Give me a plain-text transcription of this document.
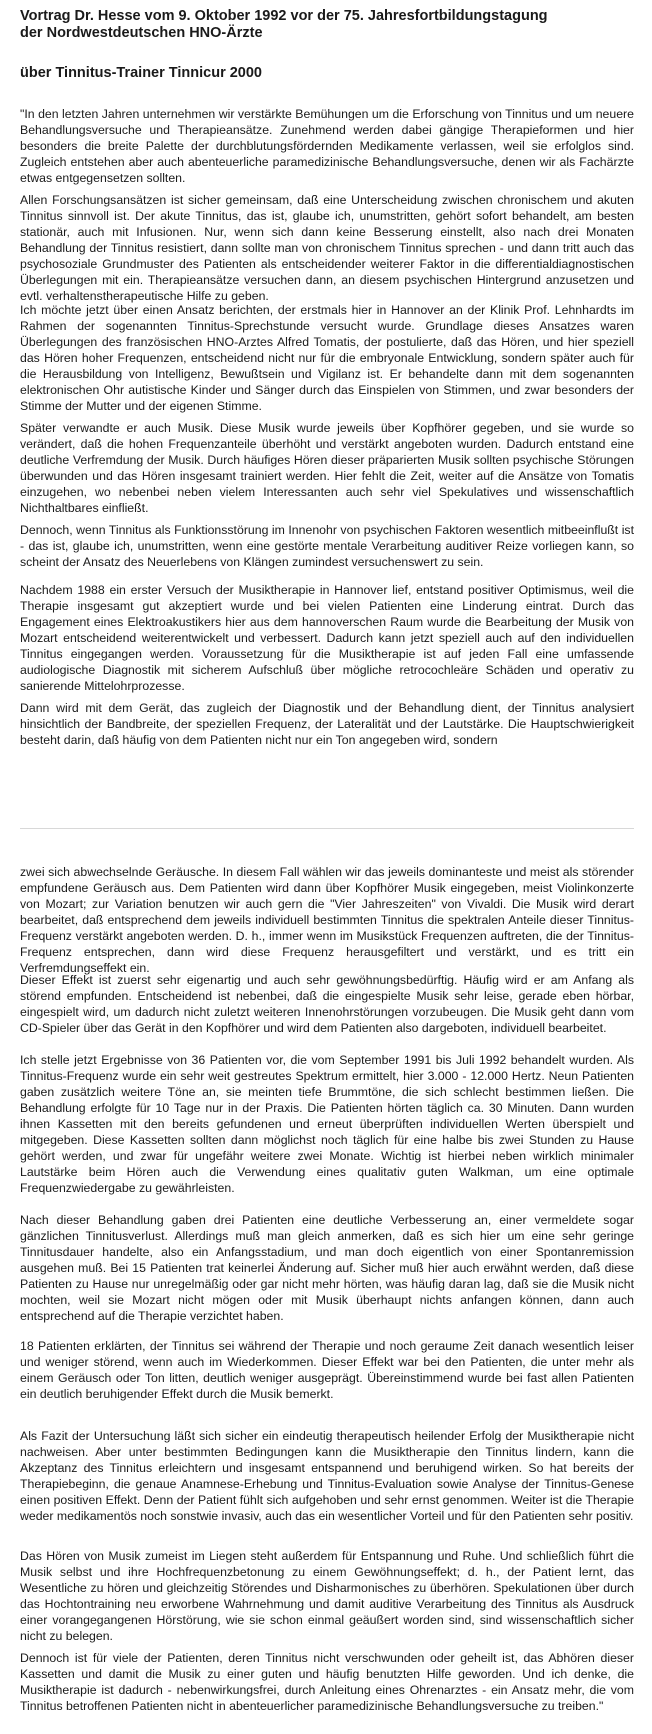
Vortrag Dr. Hesse vom 9. Oktober 1992 vor der 75. Jahresfortbildungstagung
der Nordwestdeutschen HNO-Ärzte
über Tinnitus-Trainer Tinnicur 2000

"In den letzten Jahren unternehmen wir verstärkte Bemühungen um die Erforschung von Tinnitus und um neuere Behandlungsversuche und Therapieansätze. Zunehmend werden dabei gängige Therapieformen und hier besonders die breite Palette der durchblutungsfördernden Medikamente verlassen, weil sie erfolglos sind. Zugleich entstehen aber auch abenteuerliche paramedizinische Behandlungsversuche, denen wir als Fachärzte etwas entgegensetzen sollten.

Allen Forschungsansätzen ist sicher gemeinsam, daß eine Unterscheidung zwischen chronischem und akuten Tinnitus sinnvoll ist. Der akute Tinnitus, das ist, glaube ich, unumstritten, gehört sofort behandelt, am besten stationär, auch mit Infusionen. Nur, wenn sich dann keine Besserung einstellt, also nach drei Monaten Behandlung der Tinnitus resistiert, dann sollte man von chronischem Tinnitus sprechen - und dann tritt auch das psychosoziale Grundmuster des Patienten als entscheidender weiterer Faktor in die differentialdiagnostischen Überlegungen mit ein. Therapieansätze versuchen dann, an diesem psychischen Hintergrund anzusetzen und evtl. verhaltenstherapeutische Hilfe zu geben.

Ich möchte jetzt über einen Ansatz berichten, der erstmals hier in Hannover an der Klinik Prof. Lehnhardts im Rahmen der sogenannten Tinnitus-Sprechstunde versucht wurde. Grundlage dieses Ansatzes waren Überlegungen des französischen HNO-Arztes Alfred Tomatis, der postulierte, daß das Hören, und hier speziell das Hören hoher Frequenzen, entscheidend nicht nur für die embryonale Entwicklung, sondern später auch für die Herausbildung von Intelligenz, Bewußtsein und Vigilanz ist. Er behandelte dann mit dem sogenannten elektronischen Ohr autistische Kinder und Sänger durch das Einspielen von Stimmen, und zwar besonders der Stimme der Mutter und der eigenen Stimme.

Später verwandte er auch Musik. Diese Musik wurde jeweils über Kopfhörer gegeben, und sie wurde so verändert, daß die hohen Frequenzanteile überhöht und verstärkt angeboten wurden. Dadurch entstand eine deutliche Verfremdung der Musik. Durch häufiges Hören dieser präparierten Musik sollten psychische Störungen überwunden und das Hören insgesamt trainiert werden. Hier fehlt die Zeit, weiter auf die Ansätze von Tomatis einzugehen, wo nebenbei neben vielem Interessanten auch sehr viel Spekulatives und wissenschaftlich Nichthaltbares einfließt.

Dennoch, wenn Tinnitus als Funktionsstörung im Innenohr von psychischen Faktoren wesentlich mitbeeinflußt ist - das ist, glaube ich, unumstritten, wenn eine gestörte mentale Verarbeitung auditiver Reize vorliegen kann, so scheint der Ansatz des Neuerlebens von Klängen zumindest versuchenswert zu sein.

Nachdem 1988 ein erster Versuch der Musiktherapie in Hannover lief, entstand positiver Optimismus, weil die Therapie insgesamt gut akzeptiert wurde und bei vielen Patienten eine Linderung eintrat. Durch das Engagement eines Elektroakustikers hier aus dem hannoverschen Raum wurde die Bearbeitung der Musik von Mozart entscheidend weiterentwickelt und verbessert. Dadurch kann jetzt speziell auch auf den individuellen Tinnitus eingegangen werden. Voraussetzung für die Musiktherapie ist auf jeden Fall eine umfassende audiologische Diagnostik mit sicherem Aufschluß über mögliche retrocochleäre Schäden und operativ zu sanierende Mittelohrprozesse.

Dann wird mit dem Gerät, das zugleich der Diagnostik und der Behandlung dient, der Tinnitus analysiert hinsichtlich der Bandbreite, der speziellen Frequenz, der Lateralität und der Lautstärke. Die Hauptschwierigkeit besteht darin, daß häufig von dem Patienten nicht nur ein Ton angegeben wird, sondern

zwei sich abwechselnde Geräusche. In diesem Fall wählen wir das jeweils dominanteste und meist als störender empfundene Geräusch aus. Dem Patienten wird dann über Kopfhörer Musik eingegeben, meist Violinkonzerte von Mozart; zur Variation benutzen wir auch gern die "Vier Jahreszeiten" von Vivaldi. Die Musik wird derart bearbeitet, daß entsprechend dem jeweils individuell bestimmten Tinnitus die spektralen Anteile dieser Tinnitus-Frequenz verstärkt angeboten werden. D. h., immer wenn im Musikstück Frequenzen auftreten, die der Tinnitus-Frequenz entsprechen, dann wird diese Frequenz herausgefiltert und verstärkt, und es tritt ein Verfremdungseffekt ein.

Dieser Effekt ist zuerst sehr eigenartig und auch sehr gewöhnungsbedürftig. Häufig wird er am Anfang als störend empfunden. Entscheidend ist nebenbei, daß die eingespielte Musik sehr leise, gerade eben hörbar, eingespielt wird, um dadurch nicht zuletzt weiteren Innenohrstörungen vorzubeugen. Die Musik geht dann vom CD-Spieler über das Gerät in den Kopfhörer und wird dem Patienten also dargeboten, individuell bearbeitet.

Ich stelle jetzt Ergebnisse von 36 Patienten vor, die vom September 1991 bis Juli 1992 behandelt wurden. Als Tinnitus-Frequenz wurde ein sehr weit gestreutes Spektrum ermittelt, hier 3.000 - 12.000 Hertz. Neun Patienten gaben zusätzlich weitere Töne an, sie meinten tiefe Brummtöne, die sich schlecht bestimmen ließen. Die Behandlung erfolgte für 10 Tage nur in der Praxis. Die Patienten hörten täglich ca. 30 Minuten. Dann wurden ihnen Kassetten mit den bereits gefundenen und erneut überprüften individuellen Werten überspielt und mitgegeben. Diese Kassetten sollten dann möglichst noch täglich für eine halbe bis zwei Stunden zu Hause gehört werden, und zwar für ungefähr weitere zwei Monate. Wichtig ist hierbei neben wirklich minimaler Lautstärke beim Hören auch die Verwendung eines qualitativ guten Walkman, um eine optimale Frequenzwiedergabe zu gewährleisten.

Nach dieser Behandlung gaben drei Patienten eine deutliche Verbesserung an, einer vermeldete sogar gänzlichen Tinnitusverlust. Allerdings muß man gleich anmerken, daß es sich hier um eine sehr geringe Tinnitusdauer handelte, also ein Anfangsstadium, und man doch eigentlich von einer Spontanremission ausgehen muß. Bei 15 Patienten trat keinerlei Änderung auf. Sicher muß hier auch erwähnt werden, daß diese Patienten zu Hause nur unregelmäßig oder gar nicht mehr hörten, was häufig daran lag, daß sie die Musik nicht mochten, weil sie Mozart nicht mögen oder mit Musik überhaupt nichts anfangen können, dann auch entsprechend auf die Therapie verzichtet haben.

18 Patienten erklärten, der Tinnitus sei während der Therapie und noch geraume Zeit danach wesentlich leiser und weniger störend, wenn auch im Wiederkommen. Dieser Effekt war bei den Patienten, die unter mehr als einem Geräusch oder Ton litten, deutlich weniger ausgeprägt. Übereinstimmend wurde bei fast allen Patienten ein deutlich beruhigender Effekt durch die Musik bemerkt.

Als Fazit der Untersuchung läßt sich sicher ein eindeutig therapeutisch heilender Erfolg der Musiktherapie nicht nachweisen. Aber unter bestimmten Bedingungen kann die Musiktherapie den Tinnitus lindern, kann die Akzeptanz des Tinnitus erleichtern und insgesamt entspannend und beruhigend wirken. So hat bereits der Therapiebeginn, die genaue Anamnese-Erhebung und Tinnitus-Evaluation sowie Analyse der Tinnitus-Genese einen positiven Effekt. Denn der Patient fühlt sich aufgehoben und sehr ernst genommen. Weiter ist die Therapie weder medikamentös noch sonstwie invasiv, auch das ein wesentlicher Vorteil und für den Patienten sehr positiv.

Das Hören von Musik zumeist im Liegen steht außerdem für Entspannung und Ruhe. Und schließlich führt die Musik selbst und ihre Hochfrequenzbetonung zu einem Gewöhnungseffekt; d. h., der Patient lernt, das Wesentliche zu hören und gleichzeitig Störendes und Disharmonisches zu überhören. Spekulationen über durch das Hochtontraining neu erworbene Wahrnehmung und damit auditive Verarbeitung des Tinnitus als Ausdruck einer vorangegangenen Hörstörung, wie sie schon einmal geäußert worden sind, sind wissenschaftlich sicher nicht zu belegen.

Dennoch ist für viele der Patienten, deren Tinnitus nicht verschwunden oder geheilt ist, das Abhören dieser Kassetten und damit die Musik zu einer guten und häufig benutzten Hilfe geworden. Und ich denke, die Musiktherapie ist dadurch - nebenwirkungsfrei, durch Anleitung eines Ohrenarztes - ein Ansatz mehr, die vom Tinnitus betroffenen Patienten nicht in abenteuerlicher paramedizinische Behandlungsversuche zu treiben."
